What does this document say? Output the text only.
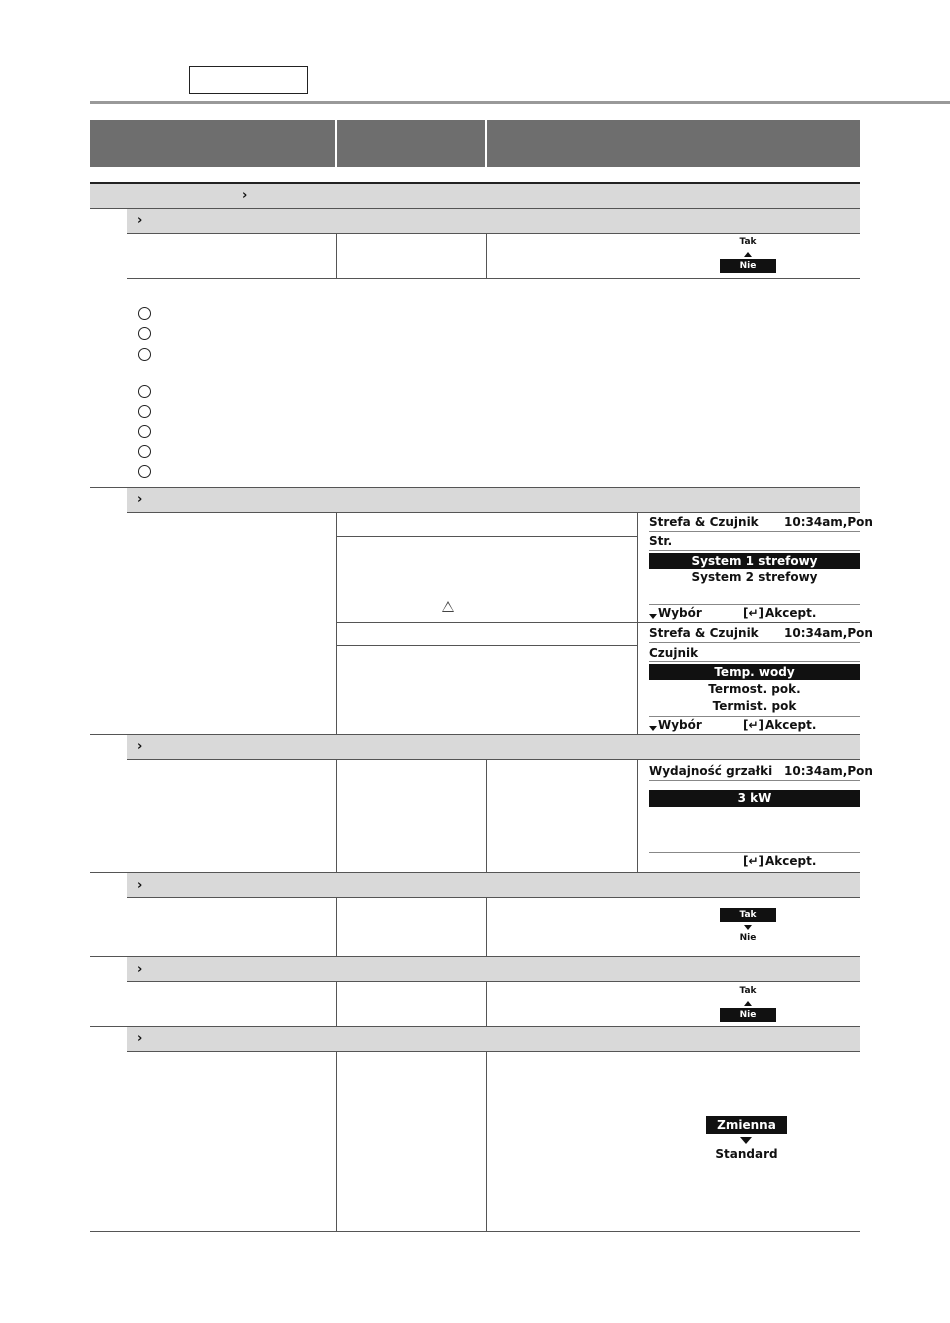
›
›
Tak
Nie
›
Strefa & Czujnik 10:34am,Pon
Str.
System 1 strefowy
System 2 strefowy
Wybór	[↵] Akcept.
Strefa & Czujnik 10:34am,Pon
Czujnik
Temp. wody
Termost. pok.
Termist. pok
Wybór	[↵] Akcept.
›
Wydajność grzałki 10:34am,Pon
3 kW
[↵] Akcept.
›
Tak
Nie
›
Tak
Nie
›
Zmienna
Standard
